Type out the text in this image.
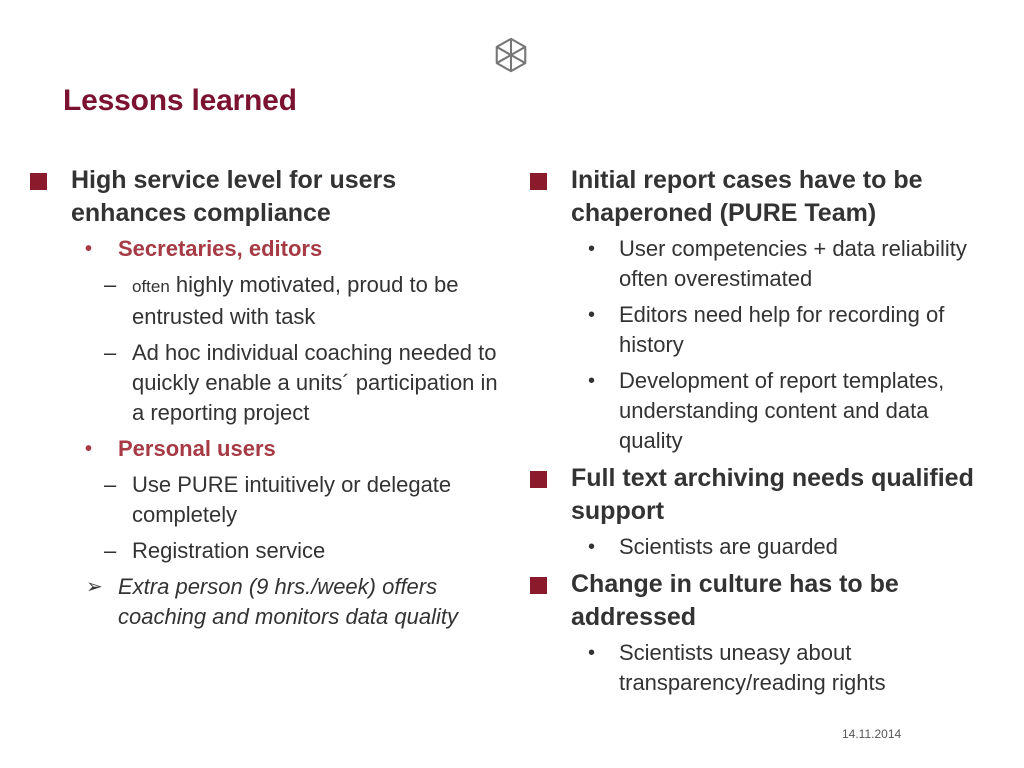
Lessons learned
High service level for users enhances compliance
• Secretaries, editors
– often highly motivated, proud to be entrusted with task
– Ad hoc individual coaching needed to quickly enable a units´ participation in a reporting project
• Personal users
– Use PURE intuitively or delegate completely
– Registration service
➢ Extra person (9 hrs./week) offers coaching and monitors data quality
Initial report cases have to be chaperoned (PURE Team)
• User competencies + data reliability often overestimated
• Editors need help for recording of history
• Development of report templates, understanding content and data quality
Full text archiving needs qualified support
• Scientists are guarded
Change in culture has to be addressed
• Scientists uneasy about transparency/reading rights
14.11.2014
